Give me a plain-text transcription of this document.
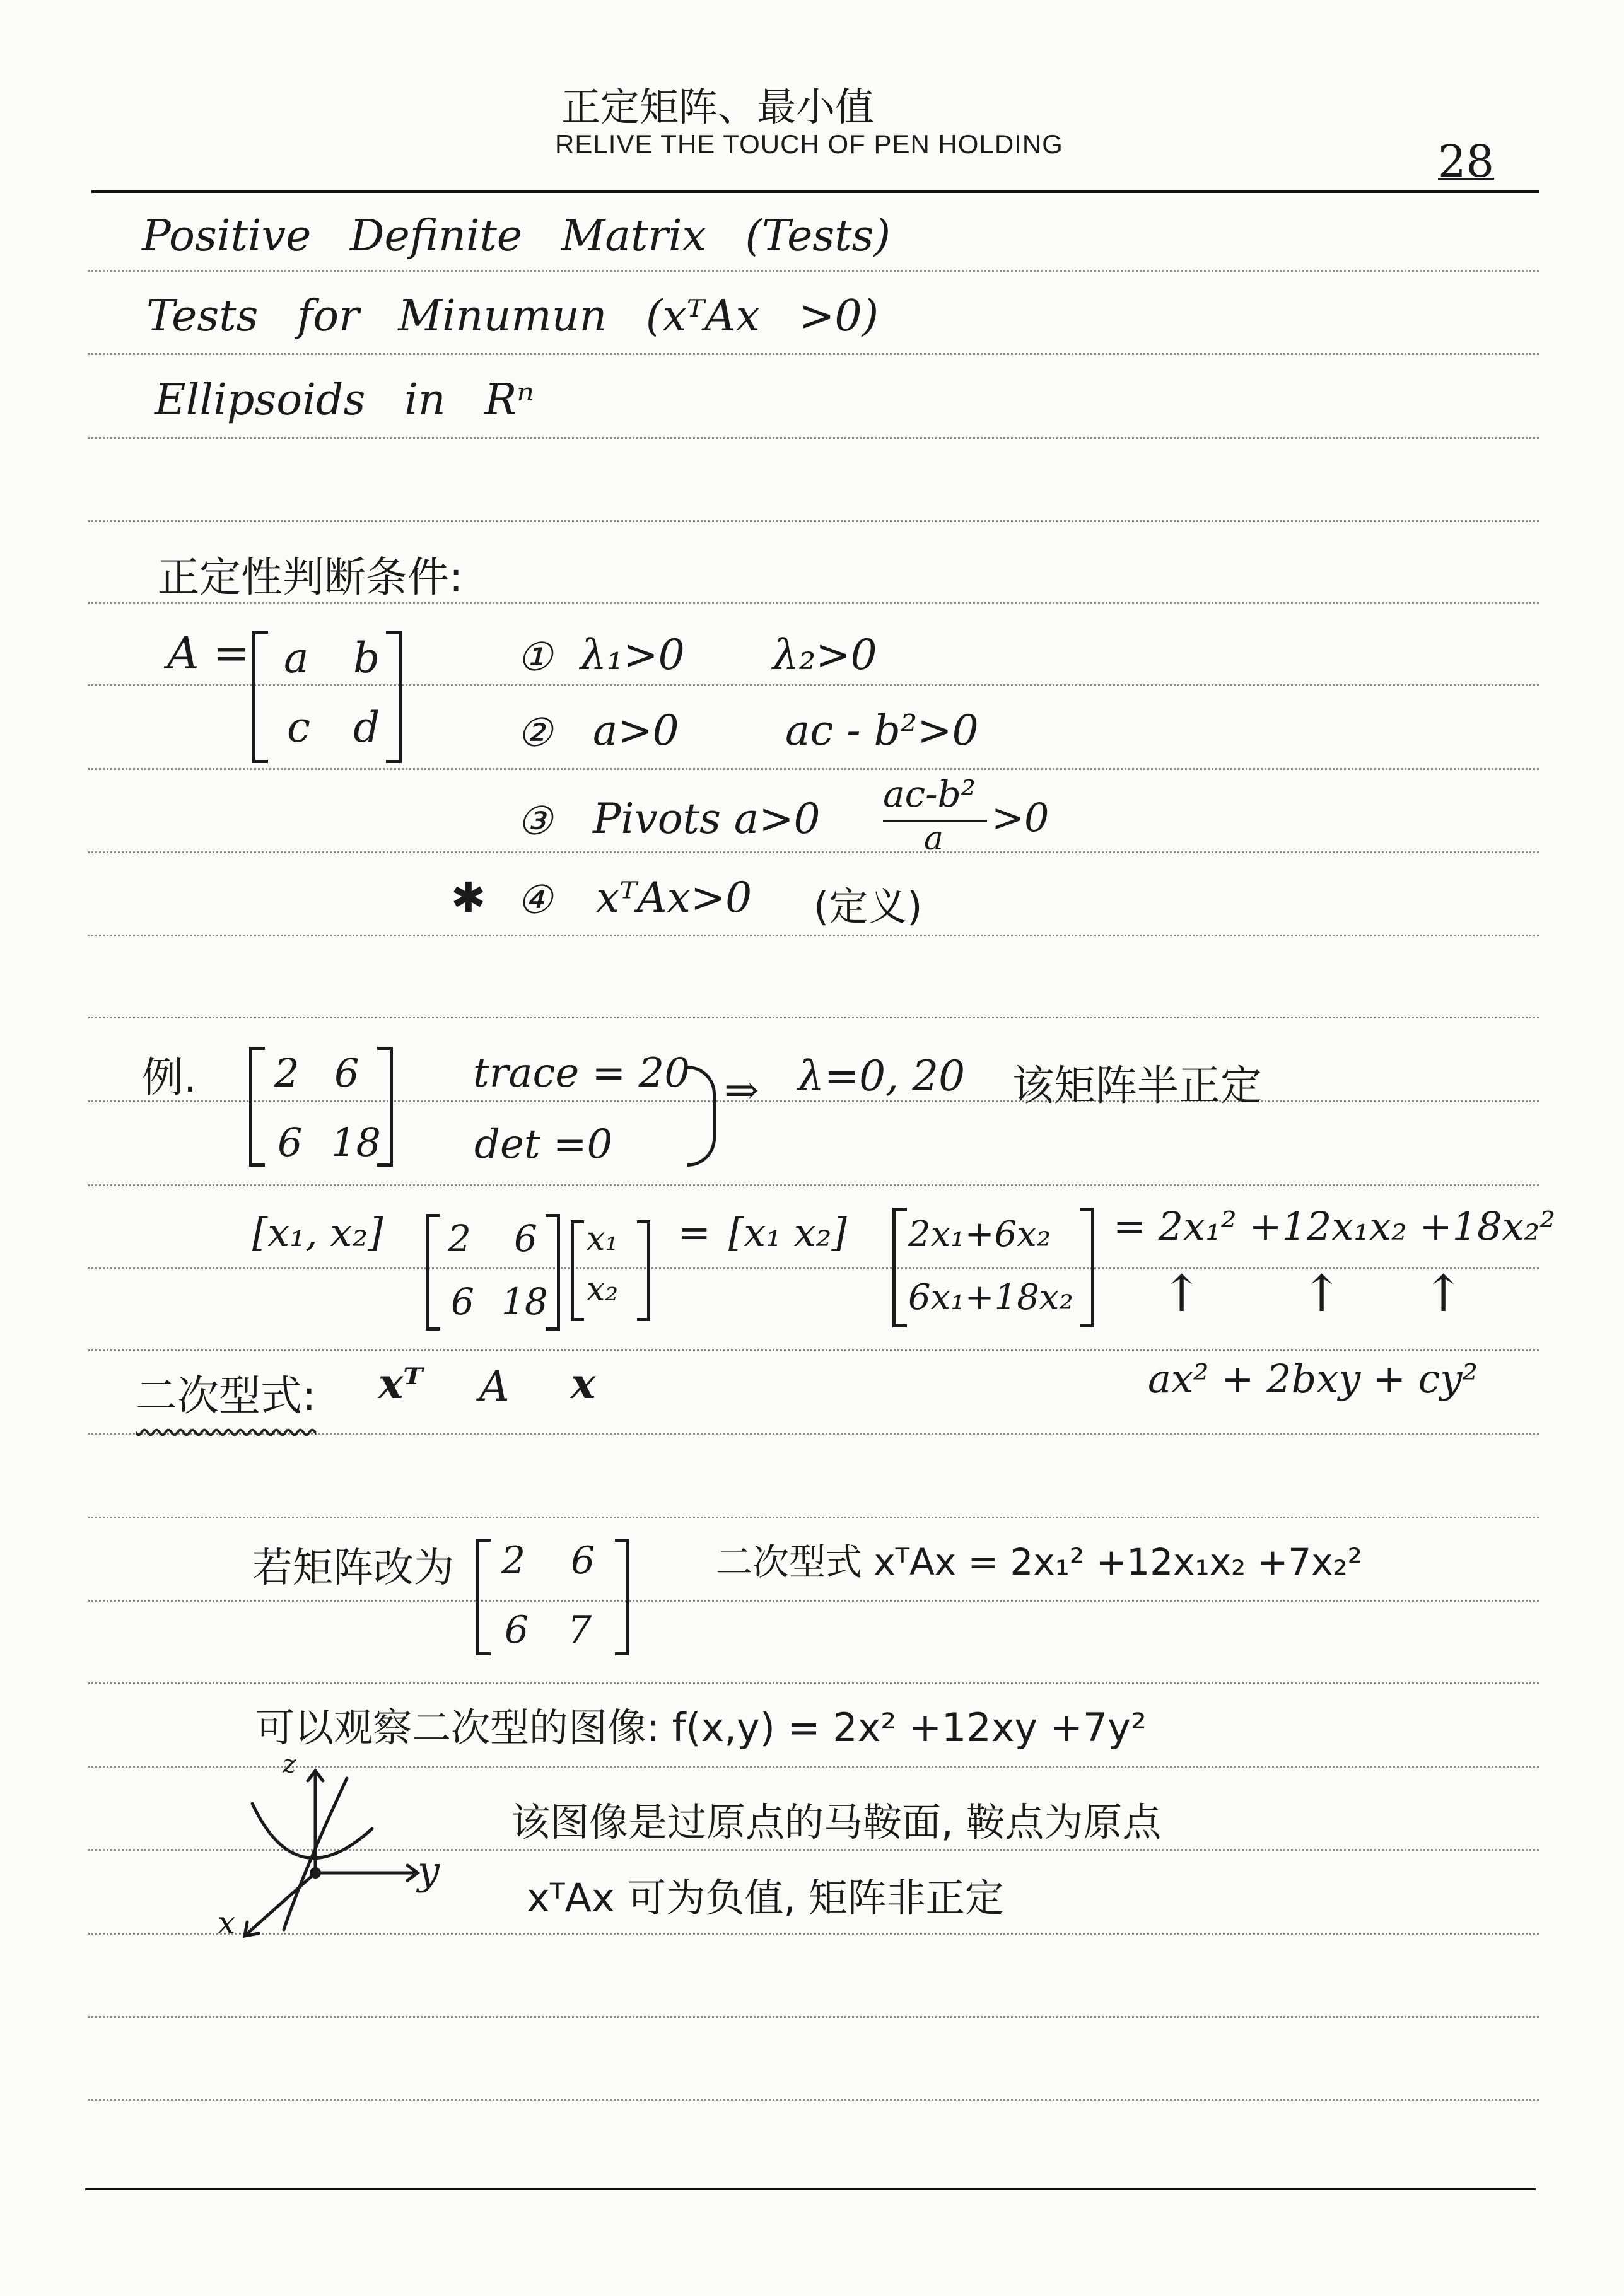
正定矩阵、最小值
RELIVE THE TOUCH OF PEN HOLDING	28
Positive Definite Matrix (Tests)
Tests for Minumun (xᵀAx >0)
Ellipsoids in Rⁿ
正定性判断条件:
A = a b
c d
① λ₁>0 λ₂>0
② a>0	ac - b²>0
③ Pivots a>0
ac-b²
a >0
✱ ④ xᵀAx>0 (定义)
例. 2 6
6 18
trace = 20
det =0
⇒ λ=0, 20 该矩阵半正定
[x₁, x₂] 2 6
6 18
x₁
x₂
= [x₁ x₂] 2x₁+6x₂
6x₁+18x₂
= 2x₁² +12x₁x₂ +18x₂²
↑ ↑ ↑
二次型式: xᵀ A x	ax² + 2bxy + cy²
若矩阵改为 2 6
6 7
二次型式 xᵀAx = 2x₁² +12x₁x₂ +7x₂²
可以观察二次型的图像: f(x,y) = 2x² +12xy +7y²
z
y
x
该图像是过原点的马鞍面, 鞍点为原点
xᵀAx 可为负值, 矩阵非正定
